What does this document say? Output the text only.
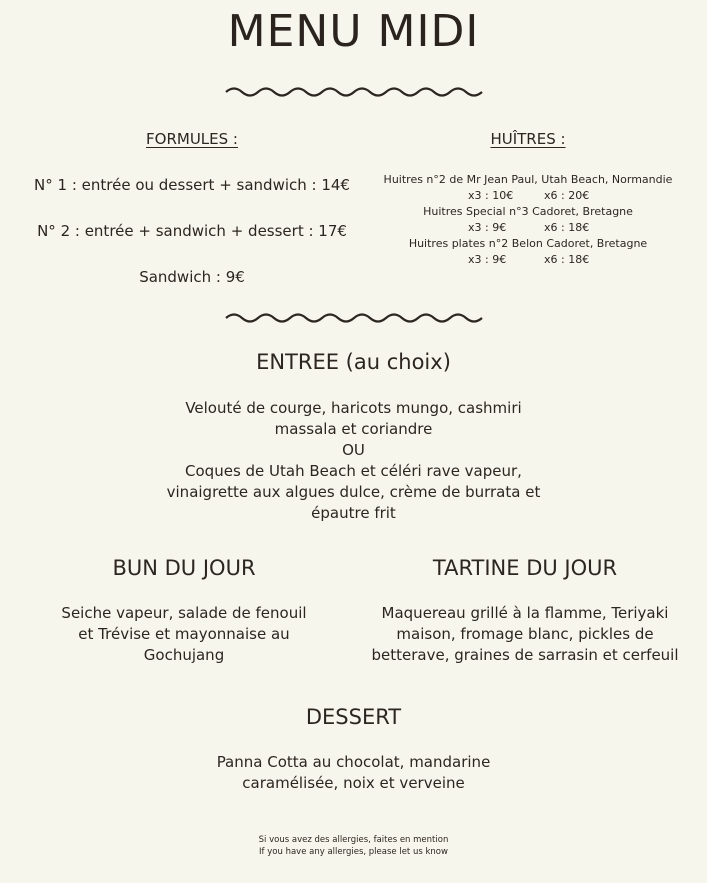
MENU MIDI
FORMULES :
N° 1 : entrée ou dessert + sandwich : 14€
N° 2 : entrée + sandwich + dessert : 17€
Sandwich : 9€
HUÎTRES :
Huitres n°2 de Mr Jean Paul, Utah Beach, Normandie
x3 : 10€	x6 : 20€
Huitres Special n°3 Cadoret, Bretagne
x3 : 9€	x6 : 18€
Huitres plates n°2 Belon Cadoret, Bretagne
x3 : 9€	x6 : 18€
ENTREE (au choix)
Velouté de courge, haricots mungo, cashmiri
massala et coriandre
OU
Coques de Utah Beach et céléri rave vapeur,
vinaigrette aux algues dulce, crème de burrata et
épautre frit
BUN DU JOUR
Seiche vapeur, salade de fenouil
et Trévise et mayonnaise au
Gochujang
TARTINE DU JOUR
Maquereau grillé à la flamme, Teriyaki
maison, fromage blanc, pickles de
betterave, graines de sarrasin et cerfeuil
DESSERT
Panna Cotta au chocolat, mandarine
caramélisée, noix et verveine
Si vous avez des allergies, faites en mention
If you have any allergies, please let us know
